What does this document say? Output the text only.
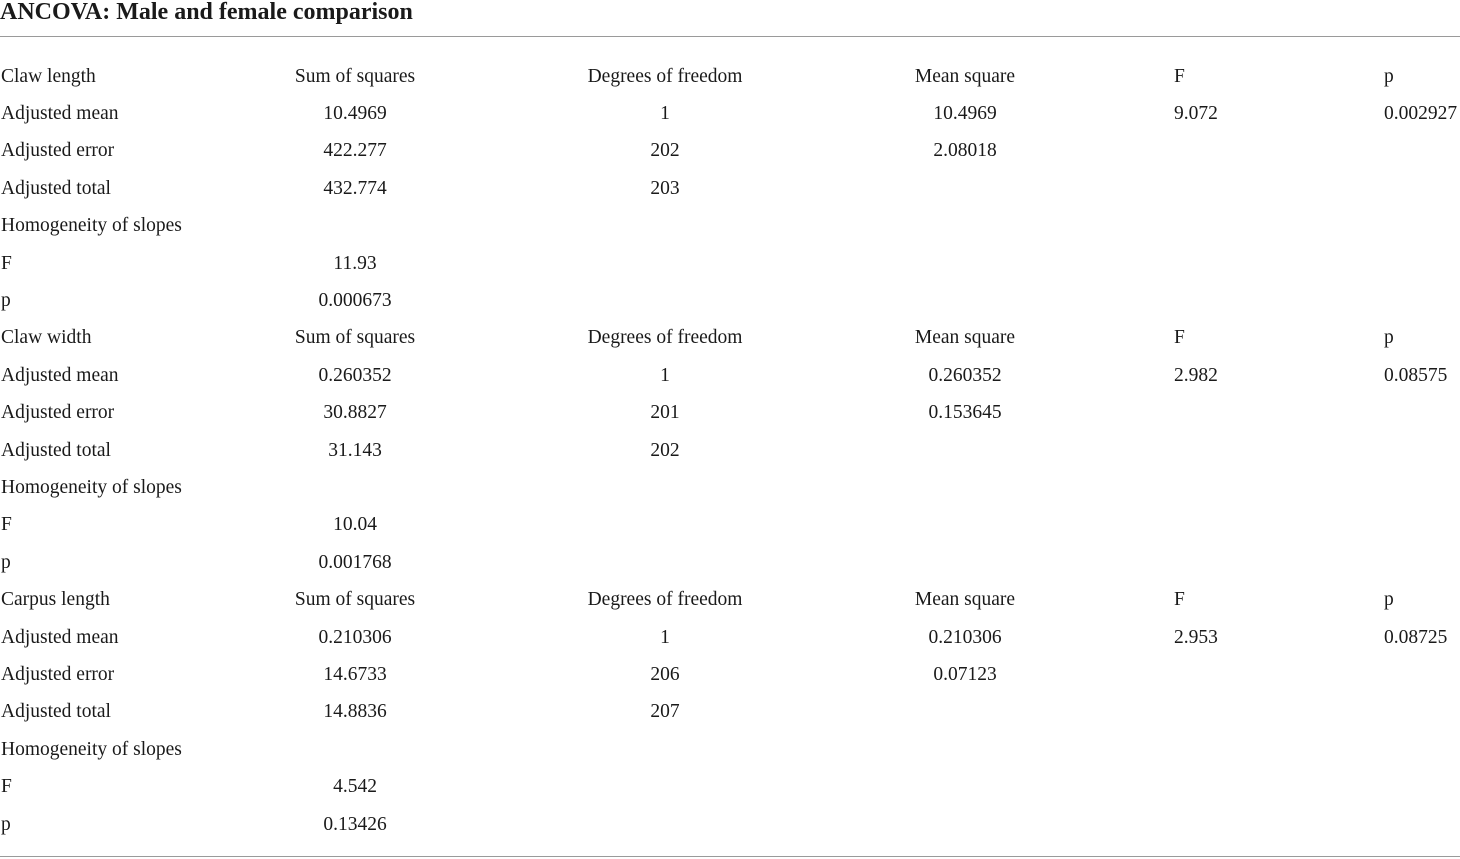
ANCOVA: Male and female comparison
Claw length	Sum of squares	Degrees of freedom	Mean square	F	p
Adjusted mean	10.4969	1	10.4969	9.072	0.002927
Adjusted error	422.277	202	2.08018		
Adjusted total	432.774	203			
Homogeneity of slopes					
F	11.93				
p	0.000673				
Claw width	Sum of squares	Degrees of freedom	Mean square	F	p
Adjusted mean	0.260352	1	0.260352	2.982	0.08575
Adjusted error	30.8827	201	0.153645		
Adjusted total	31.143	202			
Homogeneity of slopes					
F	10.04				
p	0.001768				
Carpus length	Sum of squares	Degrees of freedom	Mean square	F	p
Adjusted mean	0.210306	1	0.210306	2.953	0.08725
Adjusted error	14.6733	206	0.07123		
Adjusted total	14.8836	207			
Homogeneity of slopes					
F	4.542				
p	0.13426				
